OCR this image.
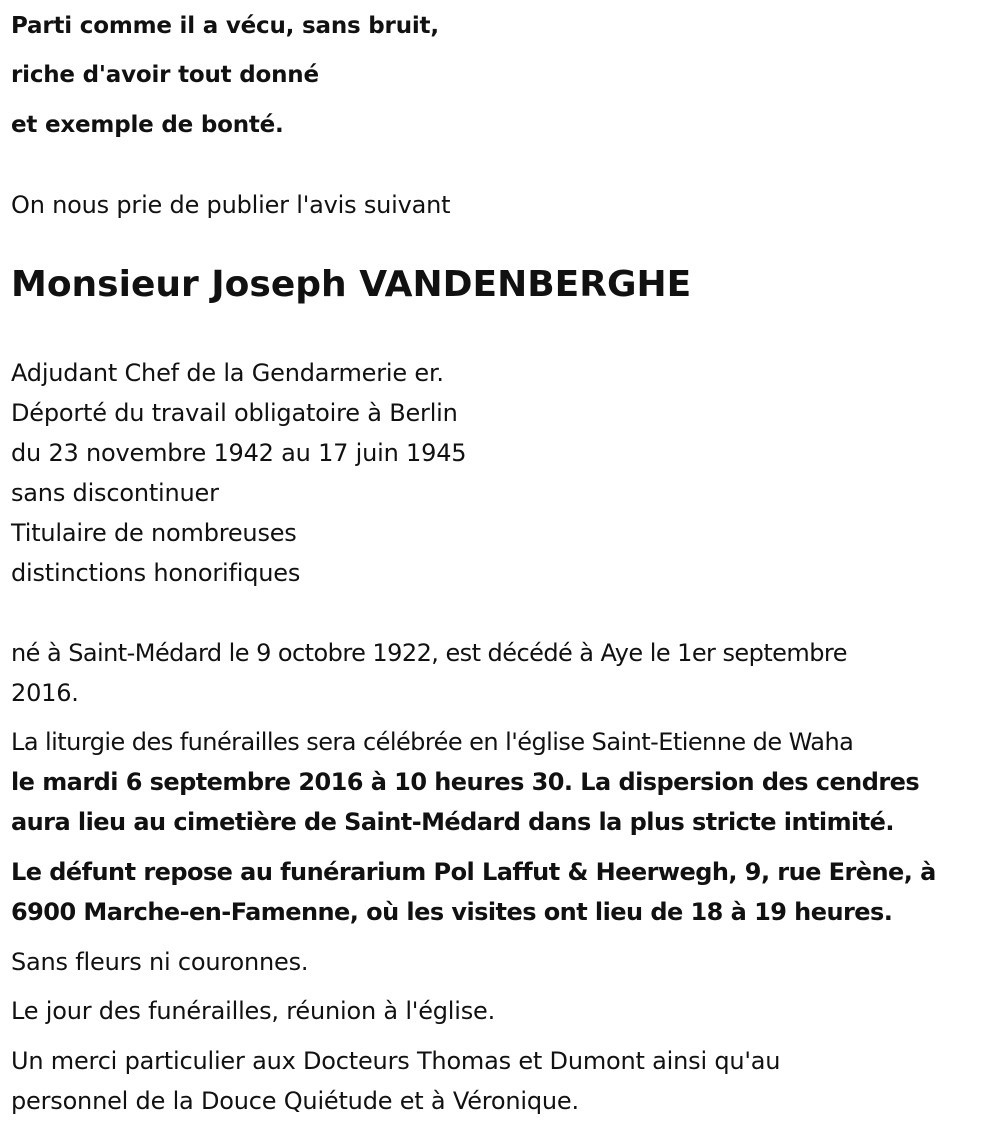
Parti comme il a vécu, sans bruit,
riche d'avoir tout donné
et exemple de bonté.
On nous prie de publier l'avis suivant
Monsieur Joseph VANDENBERGHE
Adjudant Chef de la Gendarmerie er.
Déporté du travail obligatoire à Berlin
du 23 novembre 1942 au 17 juin 1945
sans discontinuer
Titulaire de nombreuses
distinctions honorifiques
né à Saint-Médard le 9 octobre 1922, est décédé à Aye le 1er septembre
2016.
La liturgie des funérailles sera célébrée en l'église Saint-Etienne de Waha
le mardi 6 septembre 2016 à 10 heures 30. La dispersion des cendres
aura lieu au cimetière de Saint-Médard dans la plus stricte intimité.
Le défunt repose au funérarium Pol Laffut & Heerwegh, 9, rue Erène, à
6900 Marche-en-Famenne, où les visites ont lieu de 18 à 19 heures.
Sans fleurs ni couronnes.
Le jour des funérailles, réunion à l'église.
Un merci particulier aux Docteurs Thomas et Dumont ainsi qu'au
personnel de la Douce Quiétude et à Véronique.
